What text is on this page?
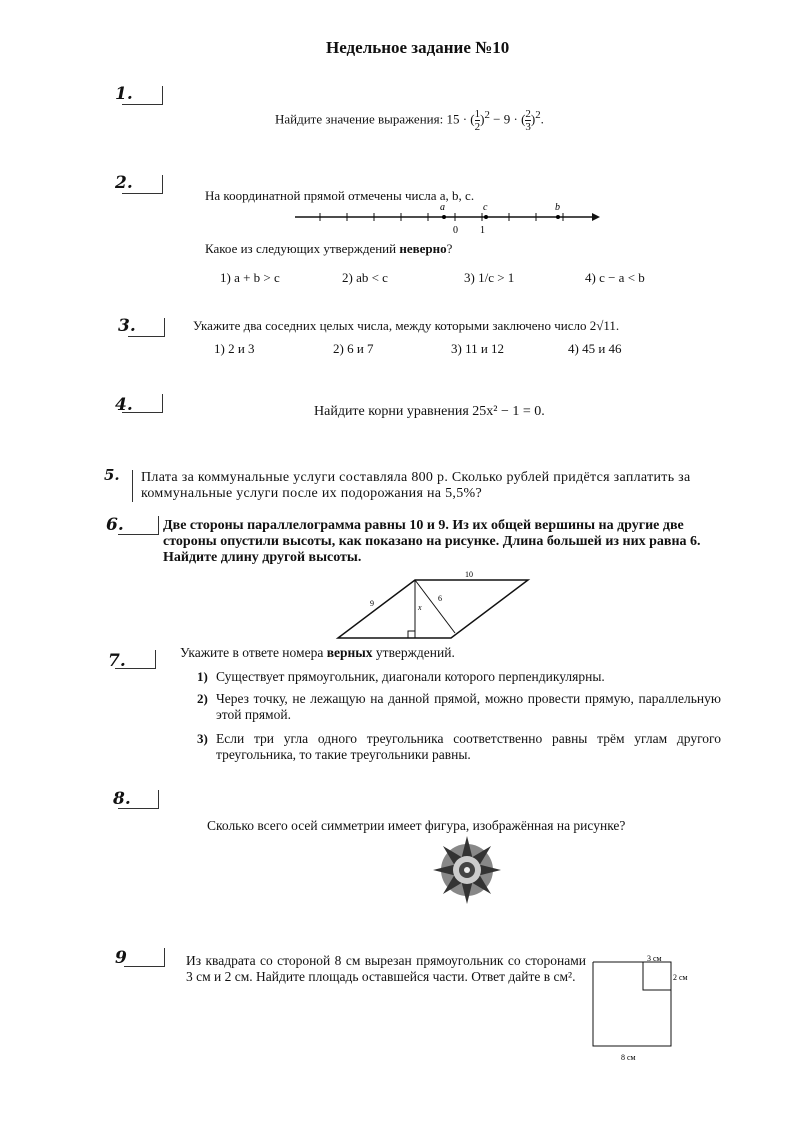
Недельное задание №10
1.
2.
3.
4.
5.
6.
7.
8.
9
Найдите значение выражения: 15 · ( $\frac{1}{2} )^2 - 9$ · ( $\frac{2}{3} )^2$.
На координатной прямой отмечены числа a, b, c.
a	c	b
0 1
Какое из следующих утверждений неверно?
1) a + b > c	2) ab < c	3) 1/c > 1	4) c − a < b
Укажите два соседних целых числа, между которыми заключено число 2√11.
1) 2 и 3	2) 6 и 7	3) 11 и 12	4) 45 и 46
Найдите корни уравнения 25x² − 1 = 0.
Плата за коммунальные услуги составляла 800 р. Сколько рублей придётся заплатить за коммунальные услуги после их подорожания на 5,5%?
Две стороны параллелограмма равны 10 и 9. Из их общей вершины на другие две стороны опустили высоты, как показано на рисунке. Длина большей из них равна 6. Найдите длину другой высоты.
10
9	x
6
Укажите в ответе номера верных утверждений.
1) Существует прямоугольник, диагонали которого перпендикулярны.
2) Через точку, не лежащую на данной прямой, можно провести прямую, параллельную этой прямой.
3) Если три угла одного треугольника соответственно равны трём углам другого треугольника, то такие треугольники равны.
Сколько всего осей симметрии имеет фигура, изображённая на рисунке?
Из квадрата со стороной 8 см вырезан прямоугольник со сторонами 3 см и 2 см. Найдите площадь оставшейся части. Ответ дайте в см².
3 см
2 см
8 см
